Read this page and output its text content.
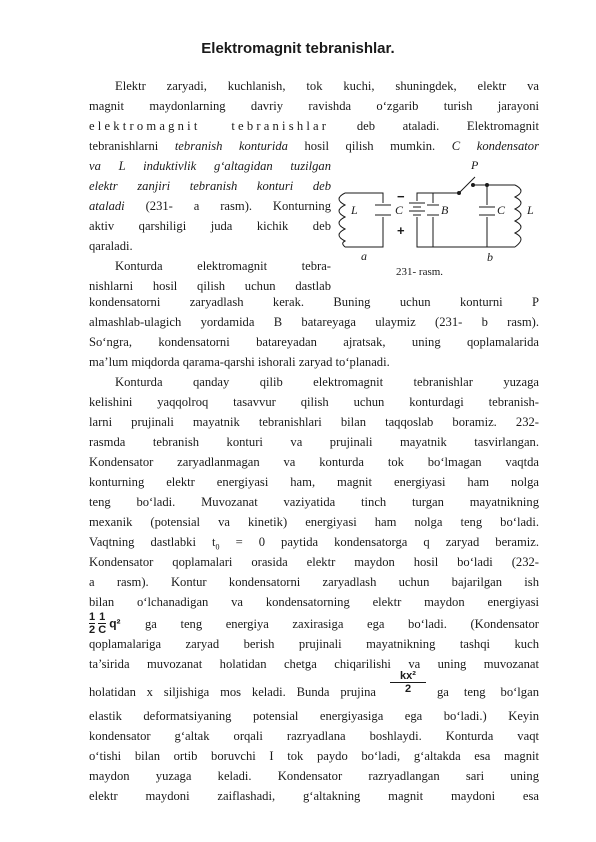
Elektromagnit tebranishlar.
Elektr zaryadi, kuchlanish, tok kuchi, shuningdek, elektr va
magnit maydonlarning davriy ravishda o‘zgarib turish jarayoni
elektromagnit tebranishlar deb ataladi. Elektromagnit
tebranishlarni tebranish konturida hosil qilish mumkin. C kondensator
va L induktivlik g‘altagidan tuzilgan
elektr zanjiri tebranish konturi deb
ataladi (231- a rasm). Konturning
aktiv qarshiligi juda kichik deb
qaraladi.
Konturda elektromagnit tebra-
nishlarni hosil qilish uchun dastlab
L	C
a
P
B	C L
b
−
+
231- rasm.
kondensatorni zaryadlash kerak. Buning uchun konturni P
almashlab-ulagich yordamida B batareyaga ulaymiz (231- b rasm).
So‘ngra, kondensatorni batareyadan ajratsak, uning qoplamalarida
ma’lum miqdorda qarama-qarshi ishorali zaryad to‘planadi.
Konturda qanday qilib elektromagnit tebranishlar yuzaga
kelishini yaqqolroq tasavvur qilish uchun konturdagi tebranish-
larni prujinali mayatnik tebranishlari bilan taqqoslab boramiz. 232-
rasmda tebranish konturi va prujinali mayatnik tasvirlangan.
Kondensator zaryadlanmagan va konturda tok bo‘lmagan vaqtda
konturning elektr energiyasi ham, magnit energiyasi ham nolga
teng bo‘ladi. Muvozanat vaziyatida tinch turgan mayatnikning
mexanik (potensial va kinetik) energiyasi ham nolga teng bo‘ladi.
Vaqtning dastlabki $t_0 = 0$ paytida kondensatorga q zaryad beramiz.
Kondensator qoplamalari orasida elektr maydon hosil bo‘ladi (232-
a rasm). Kontur kondensatorni zaryadlash uchun bajarilgan ish
bilan o‘lchanadigan va kondensatorning elektr maydon energiyasi
$\frac{1}{2}$
$\frac{1}{C} q^2$ ga teng energiya zaxirasiga ega bo‘ladi. (Kondensator
qoplamalariga zaryad berish prujinali mayatnikning tashqi kuch
ta’sirida muvozanat holatidan chetga chiqarilishi va uning muvozanat
holatidan x siljishiga mos keladi. Bunda prujina $\frac{\text{kx²}}{2}$ ga teng bo‘lgan
elastik deformatsiyaning potensial energiyasiga ega bo‘ladi.) Keyin
kondensator g‘altak orqali razryadlana boshlaydi. Konturda vaqt
o‘tishi bilan ortib boruvchi I tok paydo bo‘ladi, g‘altakda esa magnit
maydon yuzaga keladi. Kondensator razryadlangan sari uning
elektr maydoni zaiflashadi, g‘altakning magnit maydoni esa
